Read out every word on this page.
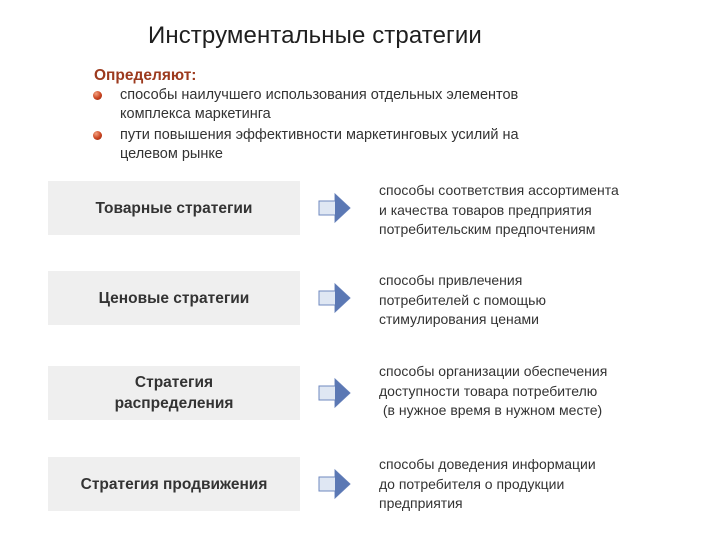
Инструментальные стратегии
Определяют:
способы наилучшего использования отдельных элементов
комплекса маркетинга
пути повышения эффективности маркетинговых усилий на
целевом рынке
Товарные стратегии
способы соответствия ассортимента
и качества товаров предприятия
потребительским предпочтениям
Ценовые стратегии
способы привлечения
потребителей с помощью
стимулирования ценами
Стратегия
распределения
способы организации обеспечения
доступности товара потребителю
(в нужное время в нужном месте)
Стратегия продвижения
способы доведения информации
до потребителя о продукции
предприятия
